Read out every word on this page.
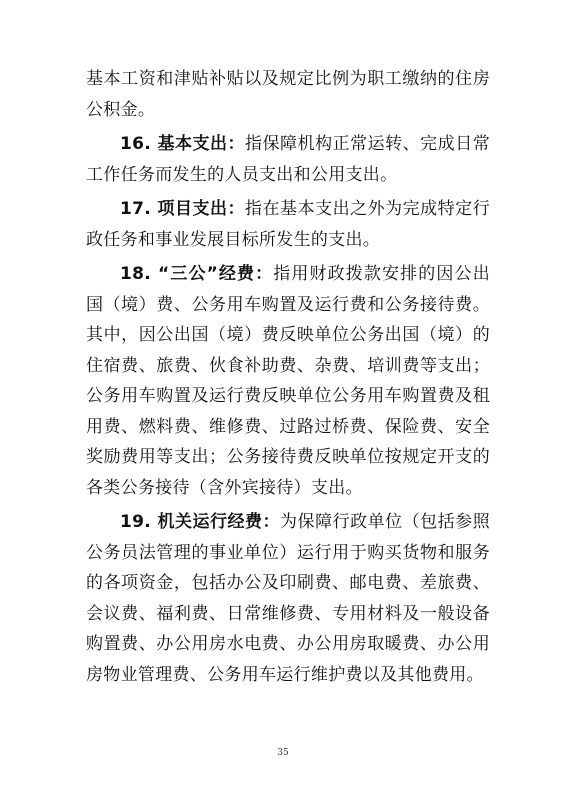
基本工资和津贴补贴以及规定比例为职工缴纳的住房公积金。

16. 基本支出：指保障机构正常运转、完成日常工作任务而发生的人员支出和公用支出。

17. 项目支出：指在基本支出之外为完成特定行政任务和事业发展目标所发生的支出。

18. “三公”经费：指用财政拨款安排的因公出国（境）费、公务用车购置及运行费和公务接待费。其中，因公出国（境）费反映单位公务出国（境）的住宿费、旅费、伙食补助费、杂费、培训费等支出；公务用车购置及运行费反映单位公务用车购置费及租用费、燃料费、维修费、过路过桥费、保险费、安全奖励费用等支出；公务接待费反映单位按规定开支的各类公务接待（含外宾接待）支出。

19. 机关运行经费：为保障行政单位（包括参照公务员法管理的事业单位）运行用于购买货物和服务的各项资金，包括办公及印刷费、邮电费、差旅费、会议费、福利费、日常维修费、专用材料及一般设备购置费、办公用房水电费、办公用房取暖费、办公用房物业管理费、公务用车运行维护费以及其他费用。

35
